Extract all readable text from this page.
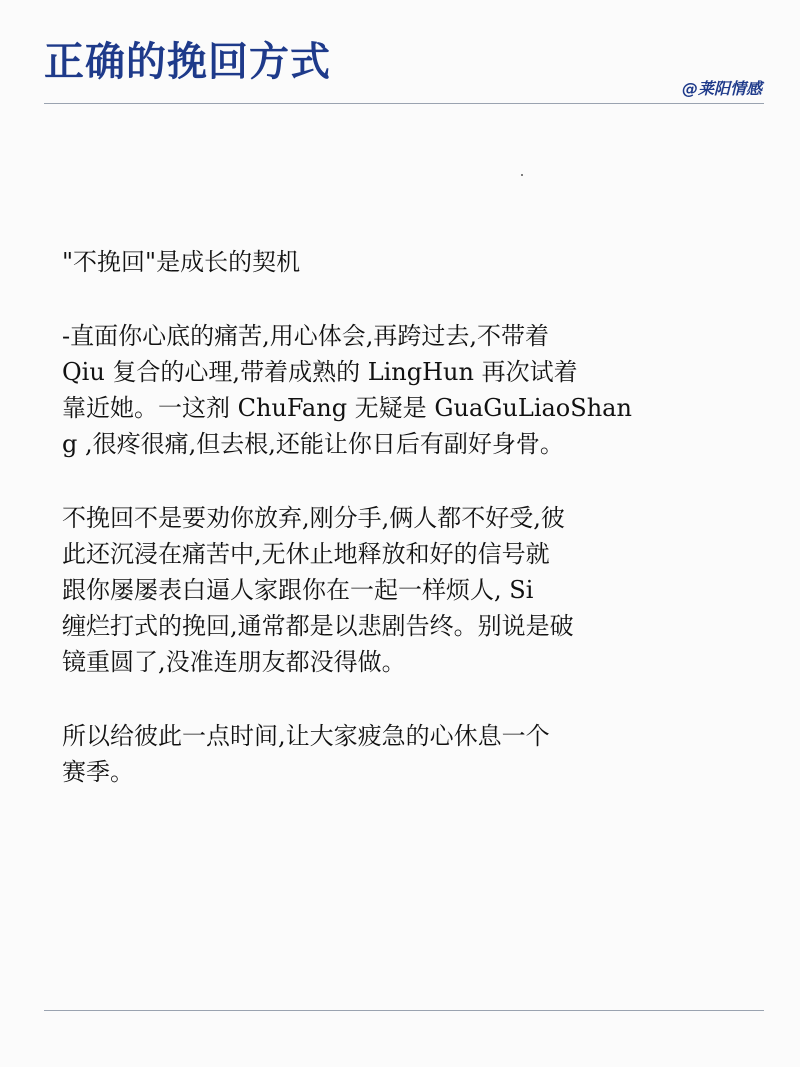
正确的挽回方式
@莱阳情感
"不挽回"是成长的契机
-直面你心底的痛苦,用心体会,再跨过去,不带着
Qiu 复合的心理,带着成熟的 LingHun 再次试着
靠近她。一这剂 ChuFang 无疑是 GuaGuLiaoShan
g ,很疼很痛,但去根,还能让你日后有副好身骨。
不挽回不是要劝你放弃,刚分手,俩人都不好受,彼
此还沉浸在痛苦中,无休止地释放和好的信号就
跟你屡屡表白逼人家跟你在一起一样烦人, Si
缠烂打式的挽回,通常都是以悲剧告终。别说是破
镜重圆了,没准连朋友都没得做。
所以给彼此一点时间,让大家疲急的心休息一个
赛季。
